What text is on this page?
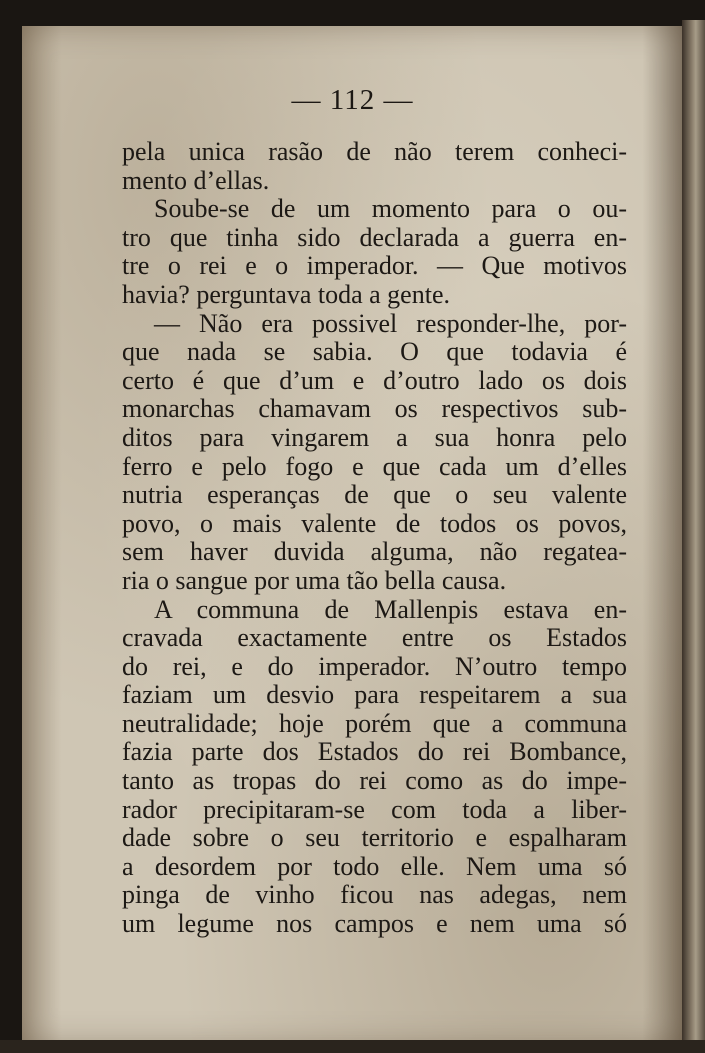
— 112 —
pela unica rasão de não terem conheci-
mento d’ellas.
Soube-se de um momento para o ou-
tro que tinha sido declarada a guerra en-
tre o rei e o imperador. — Que motivos
havia? perguntava toda a gente.
— Não era possivel responder-lhe, por-
que nada se sabia. O que todavia é
certo é que d’um e d’outro lado os dois
monarchas chamavam os respectivos sub-
ditos para vingarem a sua honra pelo
ferro e pelo fogo e que cada um d’elles
nutria esperanças de que o seu valente
povo, o mais valente de todos os povos,
sem haver duvida alguma, não regatea-
ria o sangue por uma tão bella causa.
A communa de Mallenpis estava en-
cravada exactamente entre os Estados
do rei, e do imperador. N’outro tempo
faziam um desvio para respeitarem a sua
neutralidade; hoje porém que a communa
fazia parte dos Estados do rei Bombance,
tanto as tropas do rei como as do impe-
rador precipitaram-se com toda a liber-
dade sobre o seu territorio e espalharam
a desordem por todo elle. Nem uma só
pinga de vinho ficou nas adegas, nem
um legume nos campos e nem uma só
